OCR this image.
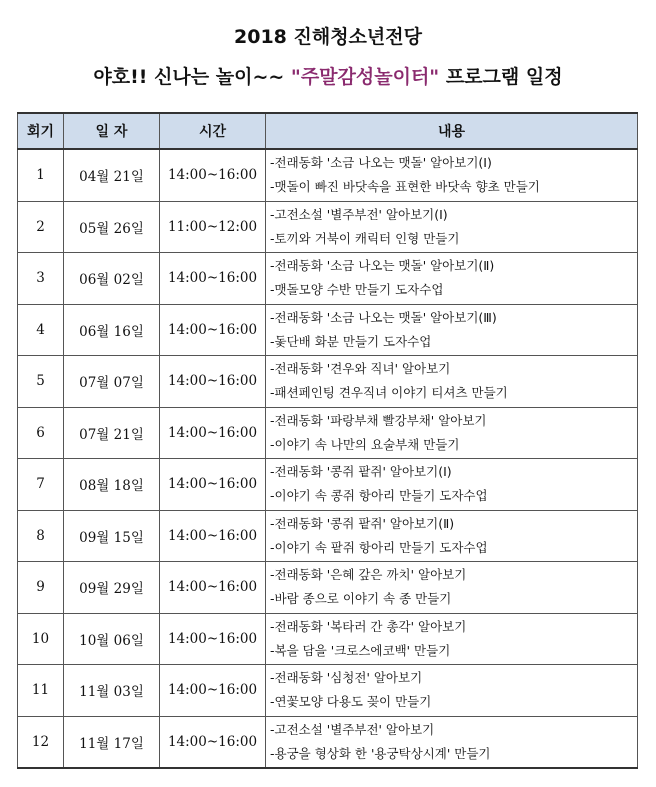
2018 진해청소년전당
야호!! 신나는 놀이~~ "주말감성놀이터" 프로그램 일정
회기	일 자	시간	내용
1	04월 21일	14:00~16:00	-전래동화 '소금 나오는 맷돌' 알아보기(Ⅰ)
-맷돌이 빠진 바닷속을 표현한 바닷속 향초 만들기

2	05월 26일	11:00~12:00	-고전소설 '별주부전' 알아보기(Ⅰ)
-토끼와 거북이 캐릭터 인형 만들기

3	06월 02일	14:00~16:00	-전래동화 '소금 나오는 맷돌' 알아보기(Ⅱ)
-맷돌모양 수반 만들기 도자수업

4	06월 16일	14:00~16:00	-전래동화 '소금 나오는 맷돌' 알아보기(Ⅲ)
-돛단배 화분 만들기 도자수업

5	07월 07일	14:00~16:00	-전래동화 '견우와 직녀' 알아보기
-패션페인팅 견우직녀 이야기 티셔츠 만들기

6	07월 21일	14:00~16:00	-전래동화 '파랑부채 빨강부채' 알아보기
-이야기 속 나만의 요술부채 만들기

7	08월 18일	14:00~16:00	-전래동화 '콩쥐 팥쥐' 알아보기(Ⅰ)
-이야기 속 콩쥐 항아리 만들기 도자수업

8	09월 15일	14:00~16:00	-전래동화 '콩쥐 팥쥐' 알아보기(Ⅱ)
-이야기 속 팥쥐 항아리 만들기 도자수업

9	09월 29일	14:00~16:00	-전래동화 '은혜 갚은 까치' 알아보기
-바람 종으로 이야기 속 종 만들기

10	10월 06일	14:00~16:00	-전래동화 '복타러 간 총각' 알아보기
-복을 담을 '크로스에코백' 만들기

11	11월 03일	14:00~16:00	-전래동화 '심청전' 알아보기
-연꽃모양 다용도 꽂이 만들기

12	11월 17일	14:00~16:00	-고전소설 '별주부전' 알아보기
-용궁을 형상화 한 '용궁탁상시계' 만들기
